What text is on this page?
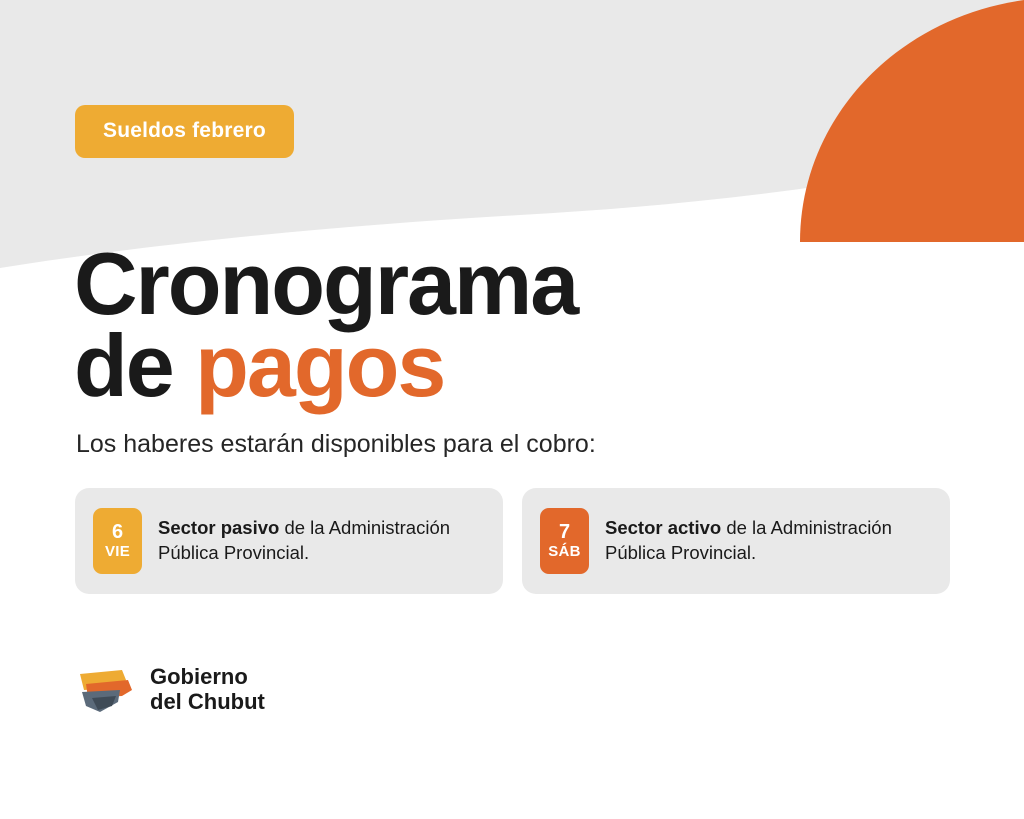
Sueldos febrero
Cronograma
de pagos
Los haberes estarán disponibles para el cobro:
6
VIE
Sector pasivo de la Administración Pública Provincial.
7
SÁB
Sector activo de la Administración Pública Provincial.
Gobierno
del Chubut
